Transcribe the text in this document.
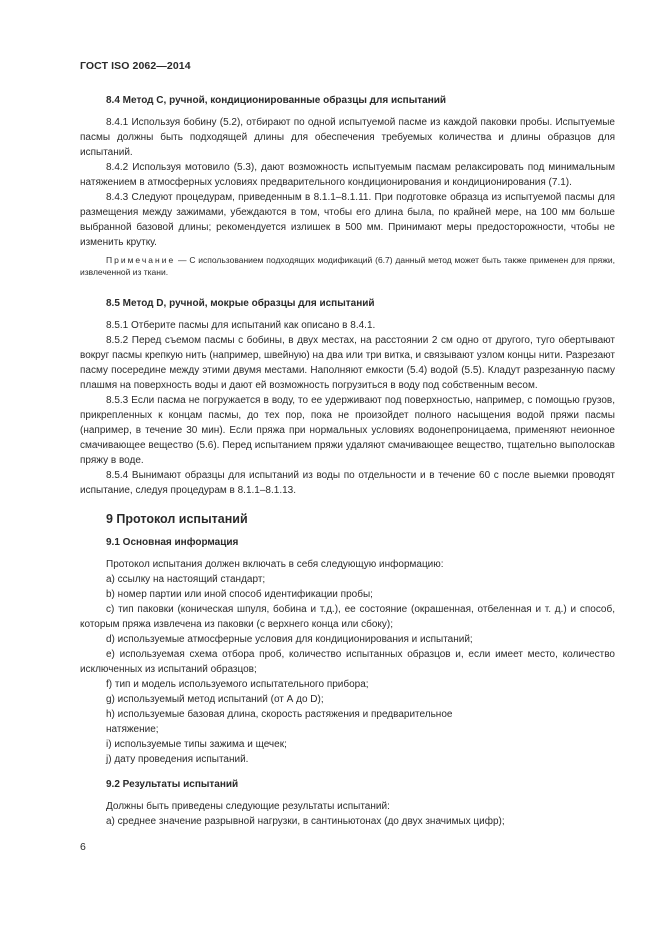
ГОСТ ISO 2062—2014

8.4 Метод С, ручной, кондиционированные образцы для испытаний

8.4.1 Используя бобину (5.2), отбирают по одной испытуемой пасме из каждой паковки пробы. Испытуемые пасмы должны быть подходящей длины для обеспечения требуемых количества и длины образцов для испытаний.

8.4.2 Используя мотовило (5.3), дают возможность испытуемым пасмам релаксировать под минимальным натяжением в атмосферных условиях предварительного кондиционирования и кондиционирования (7.1).

8.4.3 Следуют процедурам, приведенным в 8.1.1–8.1.11. При подготовке образца из испытуемой пасмы для размещения между зажимами, убеждаются в том, чтобы его длина была, по крайней мере, на 100 мм больше выбранной базовой длины; рекомендуется излишек в 500 мм. Принимают меры предосторожности, чтобы не изменить крутку.

Примечание — С использованием подходящих модификаций (6.7) данный метод может быть также применен для пряжи, извлеченной из ткани.

8.5 Метод D, ручной, мокрые образцы для испытаний

8.5.1 Отберите пасмы для испытаний как описано в 8.4.1.

8.5.2 Перед съемом пасмы с бобины, в двух местах, на расстоянии 2 см одно от другого, туго обертывают вокруг пасмы крепкую нить (например, швейную) на два или три витка, и связывают узлом концы нити. Разрезают пасму посередине между этими двумя местами. Наполняют емкости (5.4) водой (5.5). Кладут разрезанную пасму плашмя на поверхность воды и дают ей возможность погрузиться в воду под собственным весом.

8.5.3 Если пасма не погружается в воду, то ее удерживают под поверхностью, например, с помощью грузов, прикрепленных к концам пасмы, до тех пор, пока не произойдет полного насыщения водой пряжи пасмы (например, в течение 30 мин). Если пряжа при нормальных условиях водонепроницаема, применяют неионное смачивающее вещество (5.6). Перед испытанием пряжи удаляют смачивающее вещество, тщательно выполоскав пряжу в воде.

8.5.4 Вынимают образцы для испытаний из воды по отдельности и в течение 60 с после выемки проводят испытание, следуя процедурам в 8.1.1–8.1.13.

9 Протокол испытаний

9.1 Основная информация

Протокол испытания должен включать в себя следующую информацию:

a) ссылку на настоящий стандарт;

b) номер партии или иной способ идентификации пробы;

c) тип паковки (коническая шпуля, бобина и т.д.), ее состояние (окрашенная, отбеленная и т. д.) и способ, которым пряжа извлечена из паковки (с верхнего конца или сбоку);

d) используемые атмосферные условия для кондиционирования и испытаний;

e) используемая схема отбора проб, количество испытанных образцов и, если имеет место, количество исключенных из испытаний образцов;

f) тип и модель используемого испытательного прибора;

g) используемый метод испытаний (от А до D);

h) используемые базовая длина, скорость растяжения и предварительное

натяжение;

i) используемые типы зажима и щечек;

j) дату проведения испытаний.

9.2 Результаты испытаний

Должны быть приведены следующие результаты испытаний:

a) среднее значение разрывной нагрузки, в сантиньютонах (до двух значимых цифр);

6
